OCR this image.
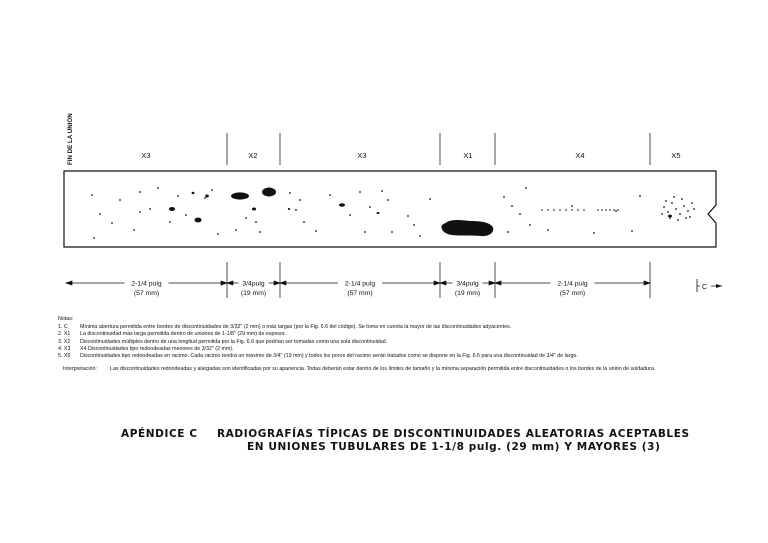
FIN DE LA UNIÓN	X3	X2	X3	X1	X4	X5
2-1/4 pulg
(57 mm)
3/4pulg
(19 mm)
2-1/4 pulg
(57 mm)
3/4pulg
(19 mm)
2-1/4 pulg
(57 mm)
C
Notas:
1. C	Mínima abertura permitida entre bordes de discontinuidades de 3/32" (2 mm) o más largas (por la Fig. 6.6 del código). Se toma en cuenta la mayor de las discontinuidades adyacentes.
2. X1	La discontinuidad más larga permitida dentro de uniones de 1-1/8" (29 mm) de espesor.
3. X2	Discontinuidades múltiples dentro de una longitud permitida por la Fig. 6.6 que podrían ser tomadas como una sola discontinuidad.
4. X3	X4 Discontinuidades tipo redondeadas menores de 3/32" (2 mm).
5. X5	Discontinuidades tipo redondeadas en racimo. Cada racimo tendrá un máximo de 3/4" (19 mm) y todos los poros del racimo serán tratados como se dispone en la Fig. 6.6 para una discontinuidad de 3/4" de largo.
Interpretación:	Las discontinuidades redondeadas y alargadas son identificadas por su apariencia. Todas deberán estar dentro de los límites de tamaño y la mínima separación permitida entre discontinuidades o los bordes de la unión de soldadura.
APÉNDICE C RADIOGRAFÍAS TÍPICAS DE DISCONTINUIDADES ALEATORIAS ACEPTABLES
EN UNIONES TUBULARES DE 1-1/8 pulg. (29 mm) Y MAYORES (3)
